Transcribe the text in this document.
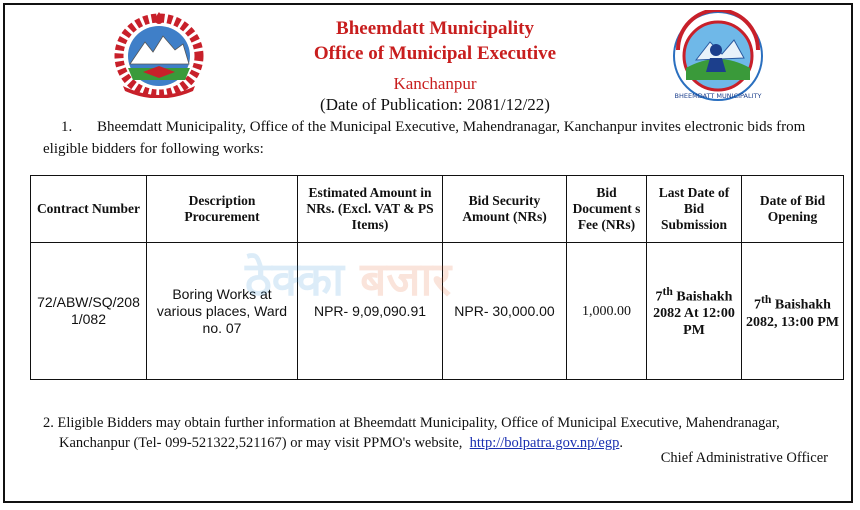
BHEEMDATT MUNICIPALITY
Bheemdatt Municipality
Office of Municipal Executive
Kanchanpur
(Date of Publication: 2081/12/22)
1. Bheemdatt Municipality, Office of the Municipal Executive, Mahendranagar, Kanchanpur invites electronic bids from eligible bidders for following works:
Contract Number	Description Procurement	Estimated Amount in NRs. (Excl. VAT & PS Items)	Bid Security Amount (NRs)	Bid Document s Fee (NRs)	Last Date of Bid Submission	Date of Bid Opening
72/ABW/SQ/2081/082	Boring Works at various places, Ward no. 07	NPR- 9,09,090.91	NPR- 30,000.00	1,000.00	7th Baishakh 2082 At 12:00 PM	7th Baishakh 2082, 13:00 PM
ठेक्का बजार
2. Eligible Bidders may obtain further information at Bheemdatt Municipality, Office of Municipal Executive, Mahendranagar,
Kanchanpur (Tel- 099-521322,521167) or may visit PPMO's website, http://bolpatra.gov.np/egp.
Chief Administrative Officer
